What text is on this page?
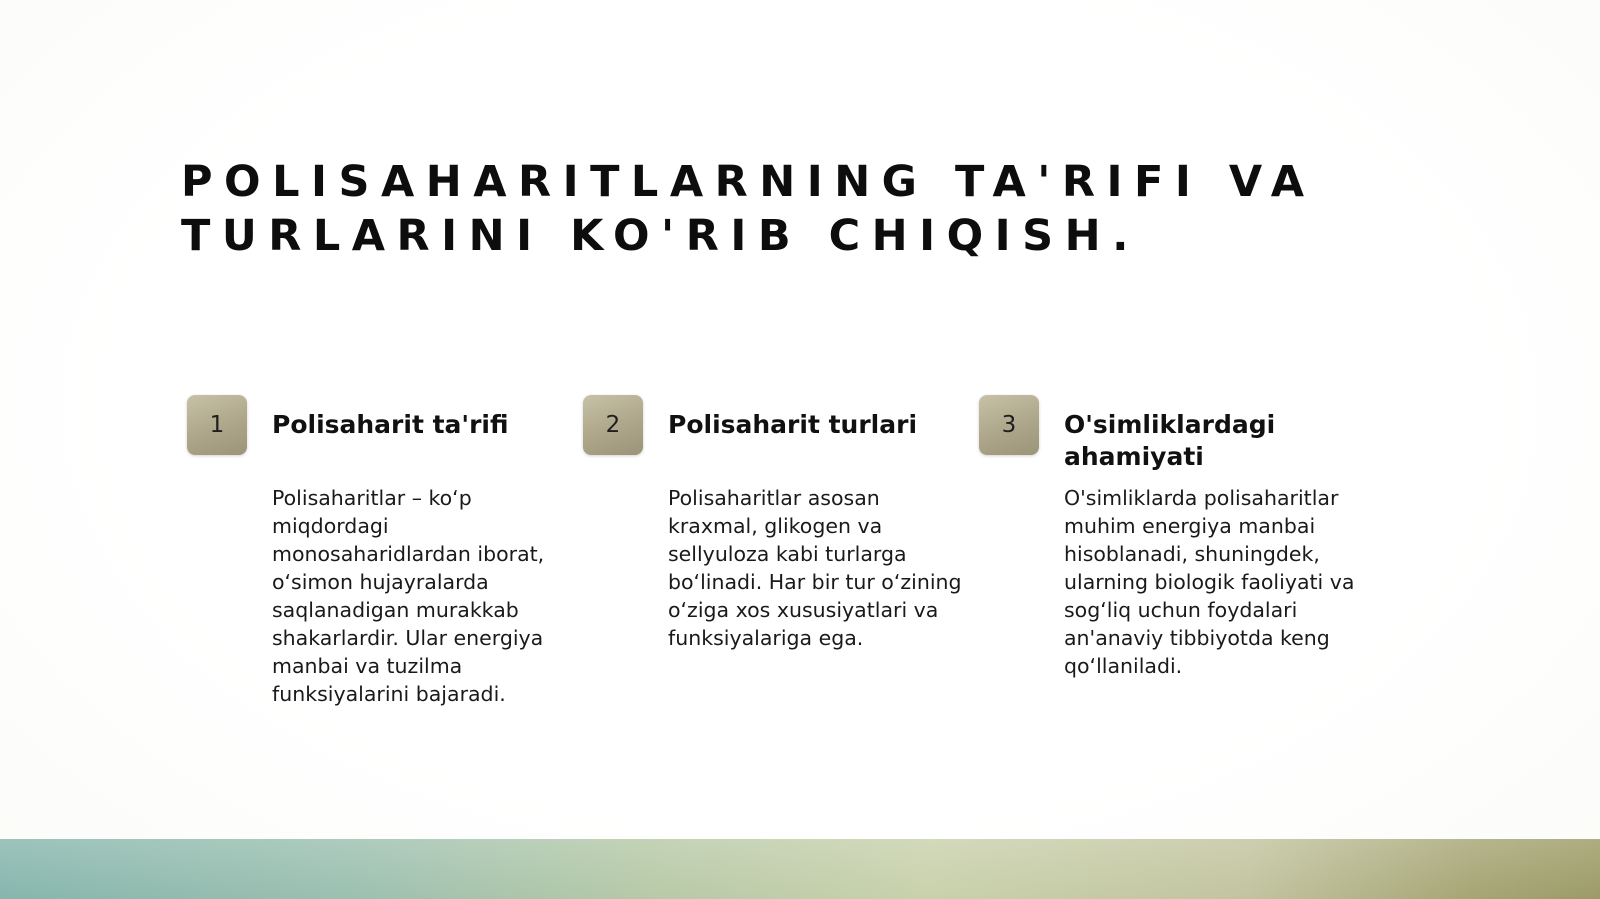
POLISAHARITLARNING TA'RIFI VA TURLARINI KO'RIB CHIQISH.
1	Polisaharit ta'rifi

Polisaharitlar – ko‘p miqdordagi monosaharidlardan iborat, o‘simon hujayralarda saqlanadigan murakkab shakarlardir. Ular energiya manbai va tuzilma funksiyalarini bajaradi.

2	Polisaharit turlari

Polisaharitlar asosan kraxmal, glikogen va sellyuloza kabi turlarga bo‘linadi. Har bir tur o‘zining o‘ziga xos xususiyatlari va funksiyalariga ega.

3	O'simliklardagi ahamiyati

O'simliklarda polisaharitlar muhim energiya manbai hisoblanadi, shuningdek, ularning biologik faoliyati va sog‘liq uchun foydalari an'anaviy tibbiyotda keng qo‘llaniladi.
